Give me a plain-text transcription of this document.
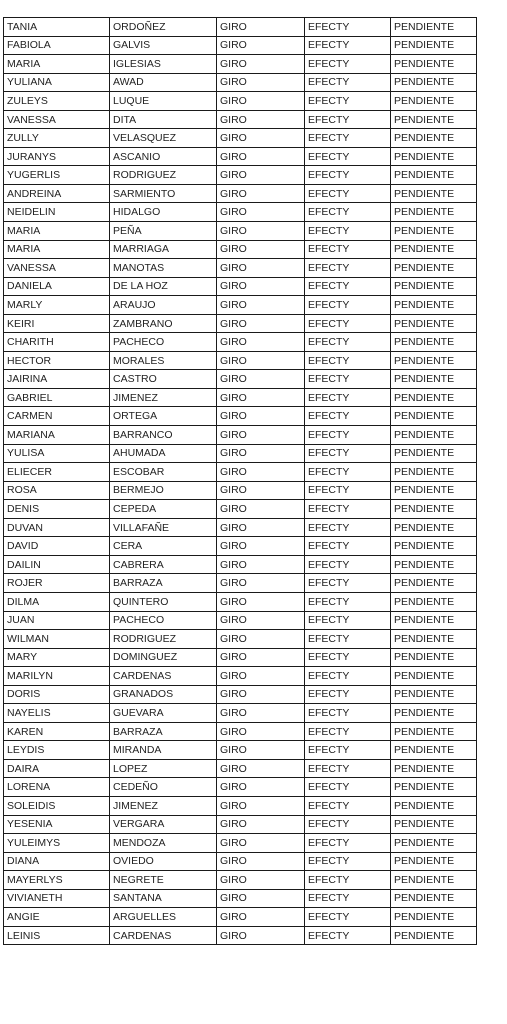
TANIA	ORDOÑEZ	GIRO	EFECTY	PENDIENTE
FABIOLA	GALVIS	GIRO	EFECTY	PENDIENTE
MARIA	IGLESIAS	GIRO	EFECTY	PENDIENTE
YULIANA	AWAD	GIRO	EFECTY	PENDIENTE
ZULEYS	LUQUE	GIRO	EFECTY	PENDIENTE
VANESSA	DITA	GIRO	EFECTY	PENDIENTE
ZULLY	VELASQUEZ	GIRO	EFECTY	PENDIENTE
JURANYS	ASCANIO	GIRO	EFECTY	PENDIENTE
YUGERLIS	RODRIGUEZ	GIRO	EFECTY	PENDIENTE
ANDREINA	SARMIENTO	GIRO	EFECTY	PENDIENTE
NEIDELIN	HIDALGO	GIRO	EFECTY	PENDIENTE
MARIA	PEÑA	GIRO	EFECTY	PENDIENTE
MARIA	MARRIAGA	GIRO	EFECTY	PENDIENTE
VANESSA	MANOTAS	GIRO	EFECTY	PENDIENTE
DANIELA	DE LA HOZ	GIRO	EFECTY	PENDIENTE
MARLY	ARAUJO	GIRO	EFECTY	PENDIENTE
KEIRI	ZAMBRANO	GIRO	EFECTY	PENDIENTE
CHARITH	PACHECO	GIRO	EFECTY	PENDIENTE
HECTOR	MORALES	GIRO	EFECTY	PENDIENTE
JAIRINA	CASTRO	GIRO	EFECTY	PENDIENTE
GABRIEL	JIMENEZ	GIRO	EFECTY	PENDIENTE
CARMEN	ORTEGA	GIRO	EFECTY	PENDIENTE
MARIANA	BARRANCO	GIRO	EFECTY	PENDIENTE
YULISA	AHUMADA	GIRO	EFECTY	PENDIENTE
ELIECER	ESCOBAR	GIRO	EFECTY	PENDIENTE
ROSA	BERMEJO	GIRO	EFECTY	PENDIENTE
DENIS	CEPEDA	GIRO	EFECTY	PENDIENTE
DUVAN	VILLAFAÑE	GIRO	EFECTY	PENDIENTE
DAVID	CERA	GIRO	EFECTY	PENDIENTE
DAILIN	CABRERA	GIRO	EFECTY	PENDIENTE
ROJER	BARRAZA	GIRO	EFECTY	PENDIENTE
DILMA	QUINTERO	GIRO	EFECTY	PENDIENTE
JUAN	PACHECO	GIRO	EFECTY	PENDIENTE
WILMAN	RODRIGUEZ	GIRO	EFECTY	PENDIENTE
MARY	DOMINGUEZ	GIRO	EFECTY	PENDIENTE
MARILYN	CARDENAS	GIRO	EFECTY	PENDIENTE
DORIS	GRANADOS	GIRO	EFECTY	PENDIENTE
NAYELIS	GUEVARA	GIRO	EFECTY	PENDIENTE
KAREN	BARRAZA	GIRO	EFECTY	PENDIENTE
LEYDIS	MIRANDA	GIRO	EFECTY	PENDIENTE
DAIRA	LOPEZ	GIRO	EFECTY	PENDIENTE
LORENA	CEDEÑO	GIRO	EFECTY	PENDIENTE
SOLEIDIS	JIMENEZ	GIRO	EFECTY	PENDIENTE
YESENIA	VERGARA	GIRO	EFECTY	PENDIENTE
YULEIMYS	MENDOZA	GIRO	EFECTY	PENDIENTE
DIANA	OVIEDO	GIRO	EFECTY	PENDIENTE
MAYERLYS	NEGRETE	GIRO	EFECTY	PENDIENTE
VIVIANETH	SANTANA	GIRO	EFECTY	PENDIENTE
ANGIE	ARGUELLES	GIRO	EFECTY	PENDIENTE
LEINIS	CARDENAS	GIRO	EFECTY	PENDIENTE
